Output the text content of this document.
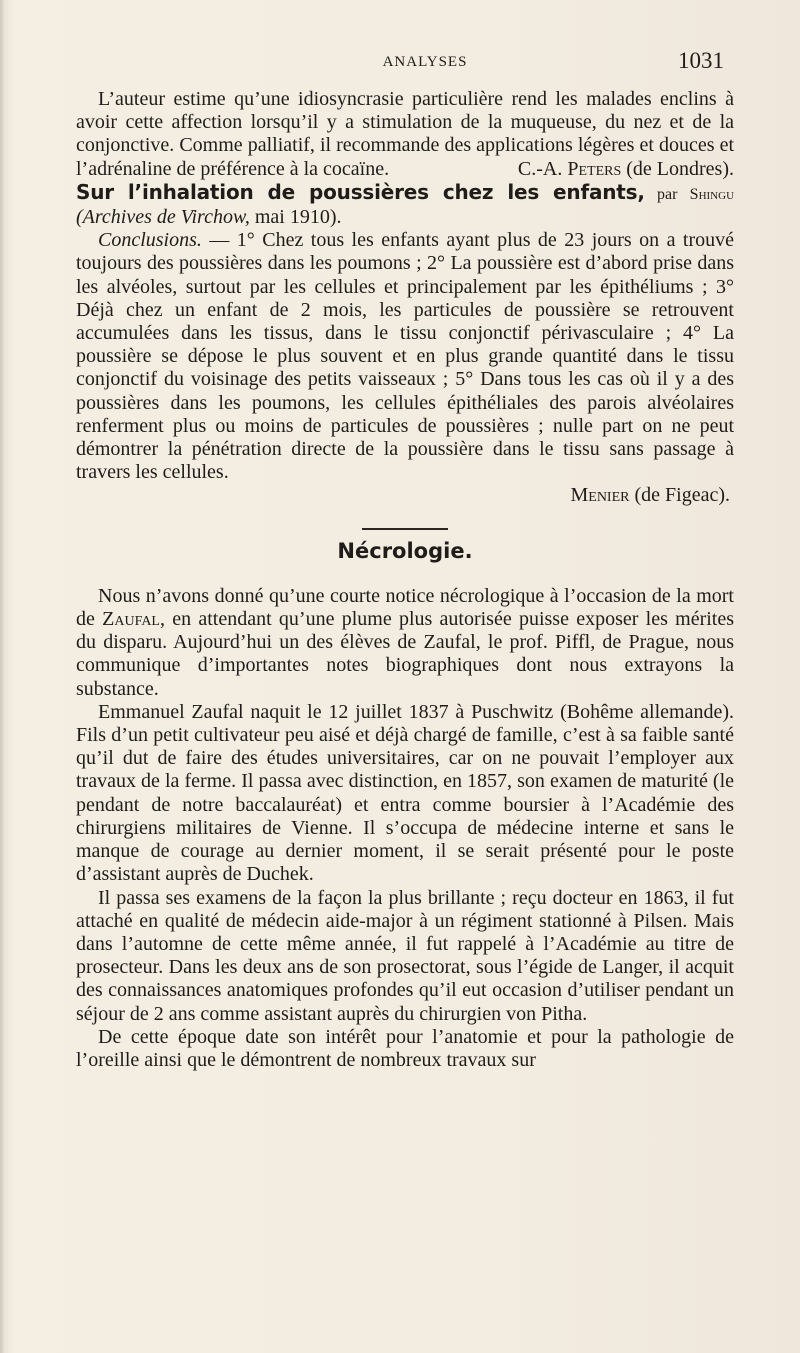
ANALYSES	1031

L’auteur estime qu’une idiosyncrasie particulière rend les malades enclins à avoir cette affection lorsqu’il y a stimulation de la muqueuse, du nez et de la conjonctive. Comme palliatif, il recommande des applications légères et douces et l’adrénaline de préférence à la cocaïne.	C.-A. Peters (de Londres).

Sur l’inhalation de poussières chez les enfants, par Shingu (Archives de Virchow, mai 1910).

Conclusions. — 1° Chez tous les enfants ayant plus de 23 jours on a trouvé toujours des poussières dans les poumons ; 2° La poussière est d’abord prise dans les alvéoles, surtout par les cellules et principalement par les épithéliums ; 3° Déjà chez un enfant de 2 mois, les particules de poussière se retrouvent accumulées dans les tissus, dans le tissu conjonctif périvasculaire ; 4° La poussière se dépose le plus souvent et en plus grande quantité dans le tissu conjonctif du voisinage des petits vaisseaux ; 5° Dans tous les cas où il y a des poussières dans les poumons, les cellules épithéliales des parois alvéolaires renferment plus ou moins de particules de poussières ; nulle part on ne peut démontrer la pénétration directe de la poussière dans le tissu sans passage à travers les cellules.

Menier (de Figeac).

Nécrologie.

Nous n’avons donné qu’une courte notice nécrologique à l’occasion de la mort de Zaufal, en attendant qu’une plume plus autorisée puisse exposer les mérites du disparu. Aujourd’hui un des élèves de Zaufal, le prof. Piffl, de Prague, nous communique d’importantes notes biographiques dont nous extrayons la substance.

Emmanuel Zaufal naquit le 12 juillet 1837 à Puschwitz (Bohême allemande). Fils d’un petit cultivateur peu aisé et déjà chargé de famille, c’est à sa faible santé qu’il dut de faire des études universitaires, car on ne pouvait l’employer aux travaux de la ferme. Il passa avec distinction, en 1857, son examen de maturité (le pendant de notre baccalauréat) et entra comme boursier à l’Académie des chirurgiens militaires de Vienne. Il s’occupa de médecine interne et sans le manque de courage au dernier moment, il se serait présenté pour le poste d’assistant auprès de Duchek.

Il passa ses examens de la façon la plus brillante ; reçu docteur en 1863, il fut attaché en qualité de médecin aide-major à un régiment stationné à Pilsen. Mais dans l’automne de cette même année, il fut rappelé à l’Académie au titre de prosecteur. Dans les deux ans de son prosectorat, sous l’égide de Langer, il acquit des connaissances anatomiques profondes qu’il eut occasion d’utiliser pendant un séjour de 2 ans comme assistant auprès du chirurgien von Pitha.

De cette époque date son intérêt pour l’anatomie et pour la pathologie de l’oreille ainsi que le démontrent de nombreux travaux sur
